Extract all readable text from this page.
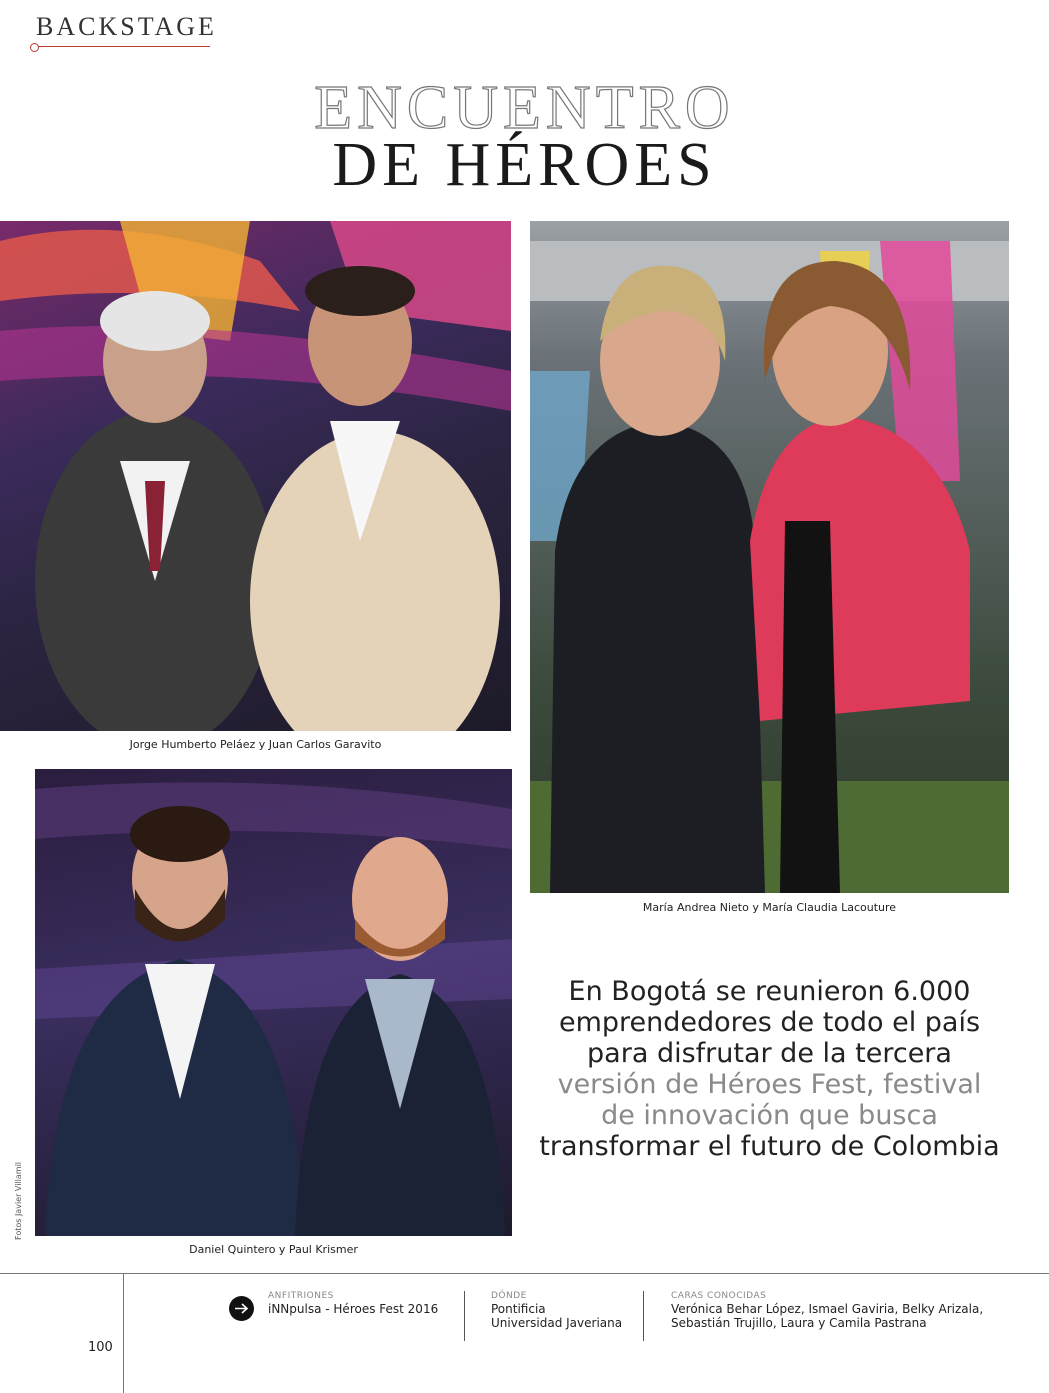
BACKSTAGE
ENCUENTRO
DE HÉROES
Jorge Humberto Peláez y Juan Carlos Garavito
María Andrea Nieto y María Claudia Lacouture
Daniel Quintero y Paul Krismer
Fotos Javier Villamil
En Bogotá se reunieron 6.000
emprendedores de todo el país
para disfrutar de la tercera
versión de Héroes Fest, festival
de innovación que busca
transformar el futuro de Colombia
100
ANFITRIONES
iNNpulsa - Héroes Fest 2016
DÓNDE
Pontificia
Universidad Javeriana
CARAS CONOCIDAS
Verónica Behar López, Ismael Gaviria, Belky Arizala,
Sebastián Trujillo, Laura y Camila Pastrana
